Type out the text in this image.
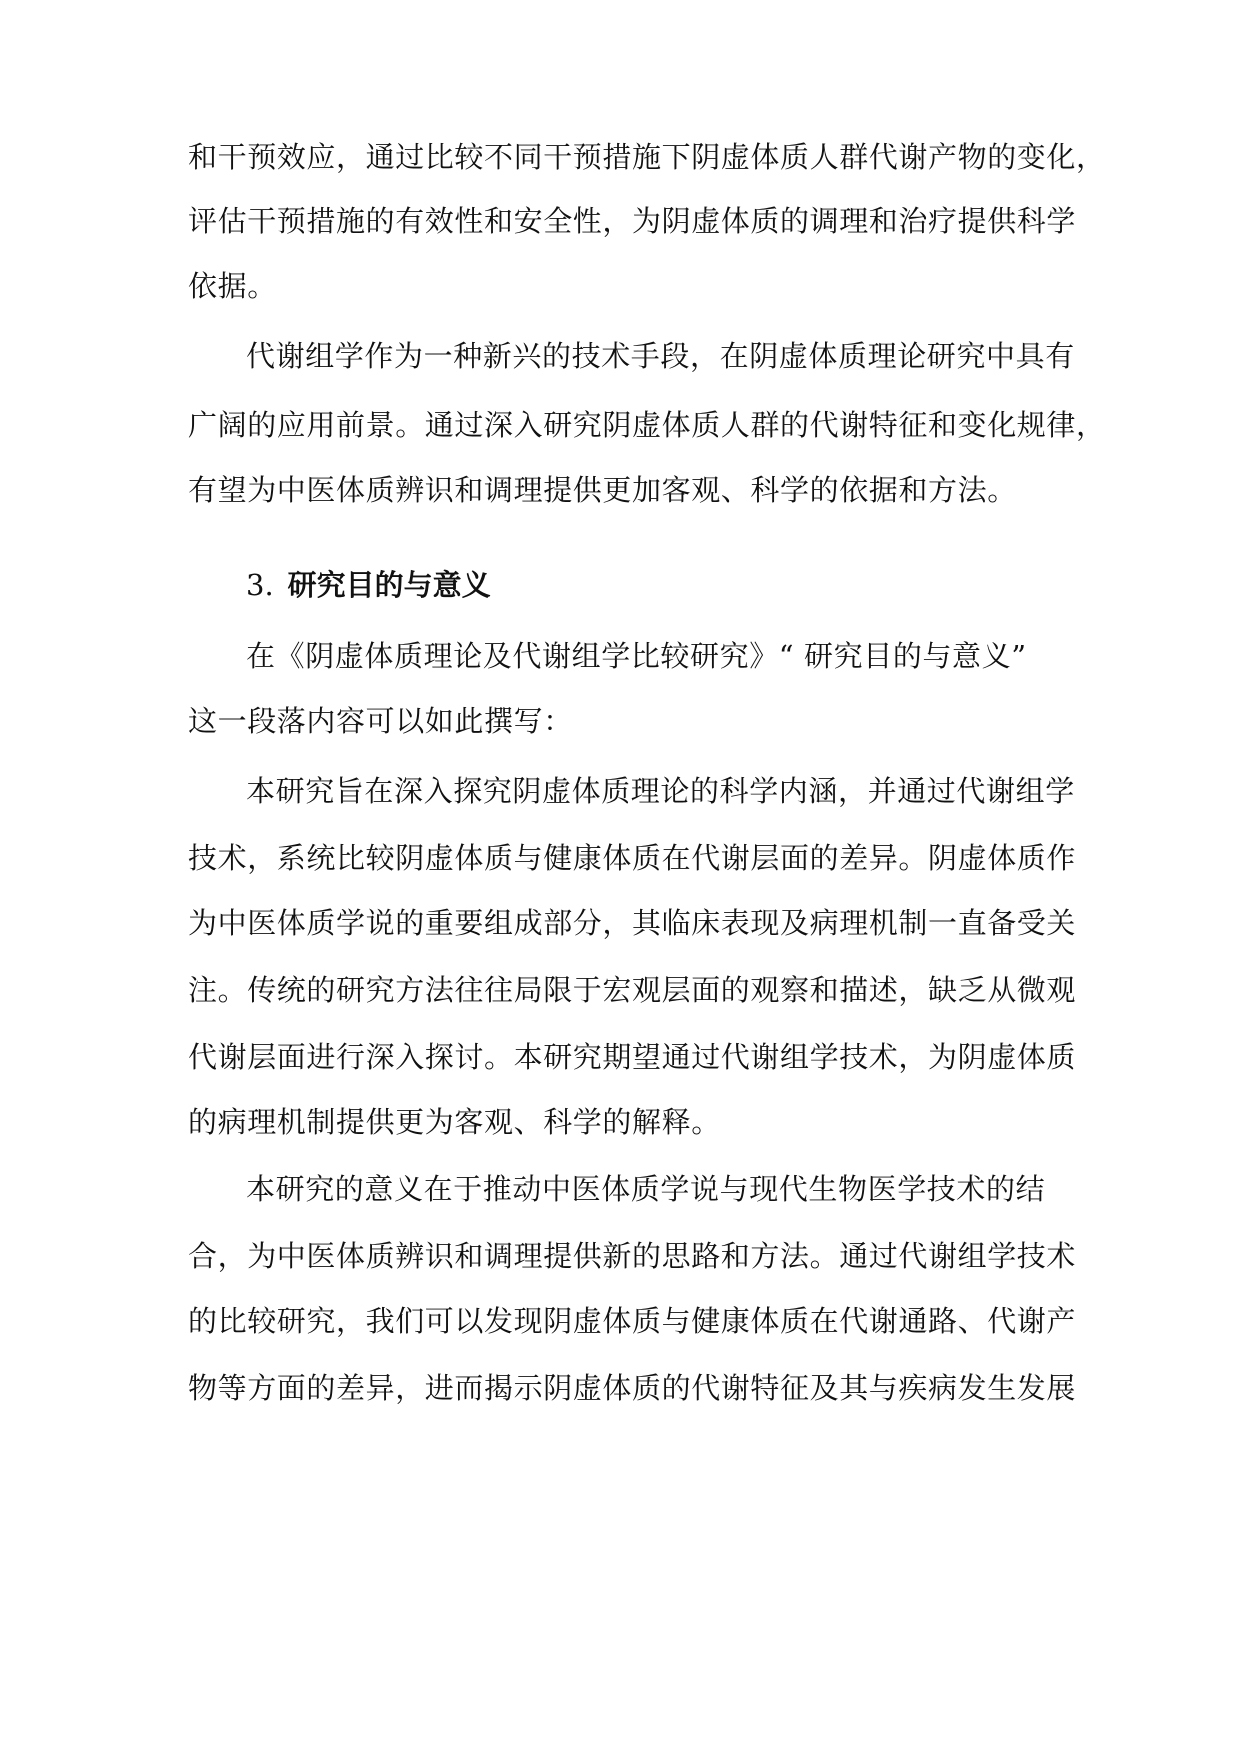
和干预效应，通过比较不同干预措施下阴虚体质人群代谢产物的变化，
评估干预措施的有效性和安全性，为阴虚体质的调理和治疗提供科学
依据。
代谢组学作为一种新兴的技术手段，在阴虚体质理论研究中具有
广阔的应用前景。通过深入研究阴虚体质人群的代谢特征和变化规律，
有望为中医体质辨识和调理提供更加客观、科学的依据和方法。
3. 研究目的与意义
在《阴虚体质理论及代谢组学比较研究》“ 研究目的与意义”
这一段落内容可以如此撰写：
本研究旨在深入探究阴虚体质理论的科学内涵，并通过代谢组学
技术，系统比较阴虚体质与健康体质在代谢层面的差异。阴虚体质作
为中医体质学说的重要组成部分，其临床表现及病理机制一直备受关
注。传统的研究方法往往局限于宏观层面的观察和描述，缺乏从微观
代谢层面进行深入探讨。本研究期望通过代谢组学技术，为阴虚体质
的病理机制提供更为客观、科学的解释。
本研究的意义在于推动中医体质学说与现代生物医学技术的结
合，为中医体质辨识和调理提供新的思路和方法。通过代谢组学技术
的比较研究，我们可以发现阴虚体质与健康体质在代谢通路、代谢产
物等方面的差异，进而揭示阴虚体质的代谢特征及其与疾病发生发展
